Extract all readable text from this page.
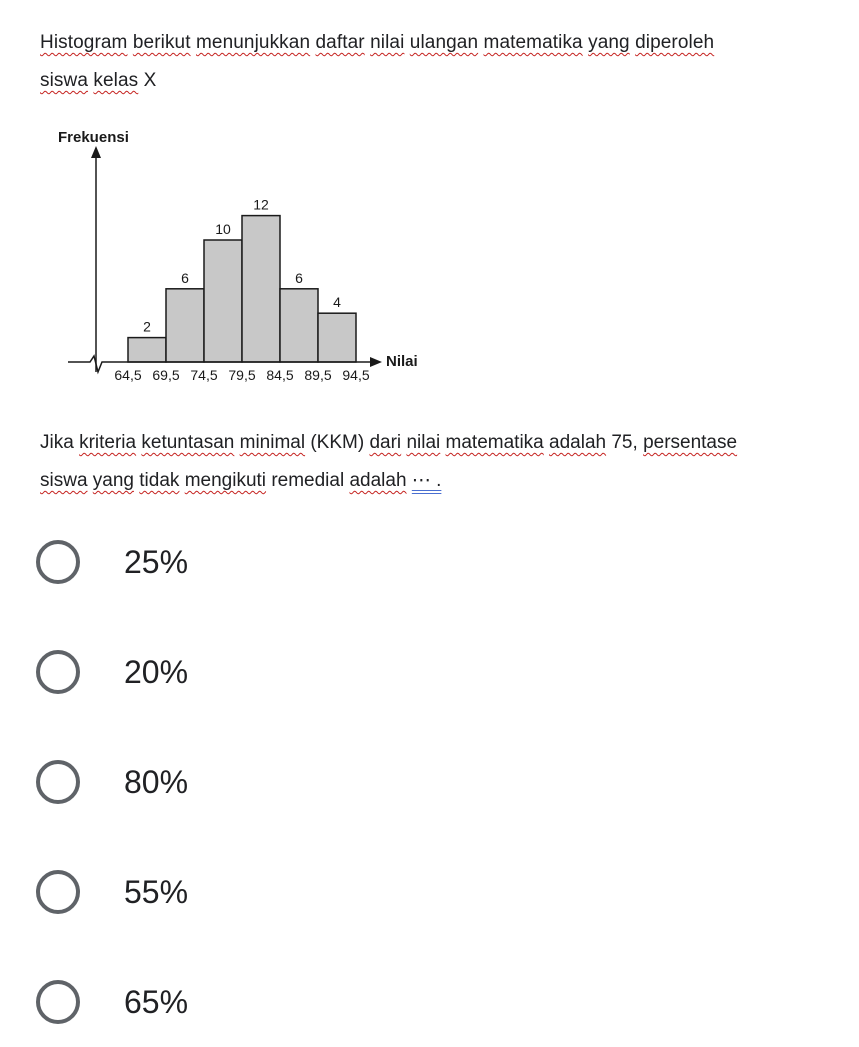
Histogram berikut menunjukkan daftar nilai ulangan matematika yang diperoleh
siswa kelas X
2
6
10
12
6
4
64,5 69,5 74,5 79,5 84,5 89,5 94,5
Frekuensi
Nilai
Jika kriteria ketuntasan minimal (KKM) dari nilai matematika adalah 75, persentase
siswa yang tidak mengikuti remedial adalah ⋯ .
25%
20%
80%
55%
65%
